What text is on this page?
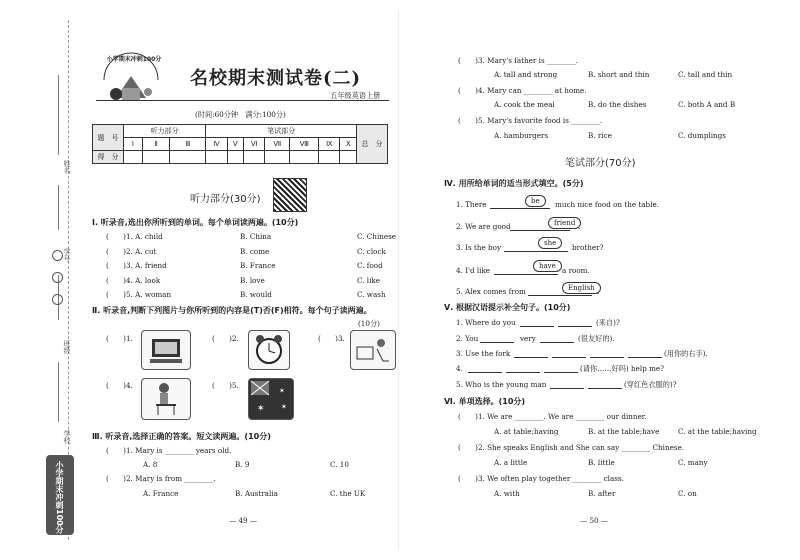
姓名
学号
班级
学校
小学期末冲刺100分
小学期末冲刺100分
名校期末测试卷(二)
五年级英语上册
(时间:60分钟　满分:100分)
题　号	听力部分			笔试部分							总　分
	Ⅰ	Ⅱ	Ⅲ	Ⅳ	Ⅴ	Ⅵ	Ⅶ	Ⅷ	Ⅸ	Ⅹ	
得　分											
听力部分(30分)
Ⅰ. 听录音,选出你所听到的单词。每个单词读两遍。(10分)
(　　)1. A. child	B. China	C. Chinese
(　　)2. A. cut	B. come	C. clock
(　　)3. A. friend	B. France	C. food
(　　)4. A. look	B. love	C. like
(　　)5. A. woman	B. would	C. wash
Ⅱ. 听录音,判断下列图片与你所听到的内容是(T)否(F)相符。每个句子读两遍。
(10分)
(　　)1.	(　　)2.	(　　)3.
(　　)4.	(　　)5.
✶
✶
✶
Ⅲ. 听录音,选择正确的答案。短文读两遍。(10分)
(　　)1. Mary is ________ years old.
A. 8	B. 9	C. 10
(　　)2. Mary is from ________.
A. France	B. Australia	C. the UK
— 49 —
(　　)3. Mary's father is ________.
A. tall and strong	B. short and thin	C. tall and thin
(　　)4. Mary can ________ at home.
A. cook the meal	B. do the dishes	C. both A and B
(　　)5. Mary's favorite food is ________.
A. hamburgers	B. rice	C. dumplings
笔试部分(70分)
Ⅳ. 用所给单词的适当形式填空。(5分)
1. There	be	much nice food on the table.
2. We are good	friend .
3. Is the boy	she	brother?
4. I'd like	have a room.
5. Alex comes from	English .
Ⅴ. 根据汉语提示补全句子。(10分)
1. Where do you	(来自)?
2. You	very	(很友好的).
3. Use the fork	(用你的右手).
4.	(请你……好吗) help me?
5. Who is the young man	(穿红色衣服的)?
Ⅵ. 单项选择。(10分)
(　　)1. We are ________. We are ________ our dinner.
A. at table;having	B. at the table;have	C. at the table;having
(　　)2. She speaks English and She can say ________ Chinese.
A. a little	B. little	C. many
(　　)3. We often play together ________ class.
A. with	B. after	C. on
— 50 —
